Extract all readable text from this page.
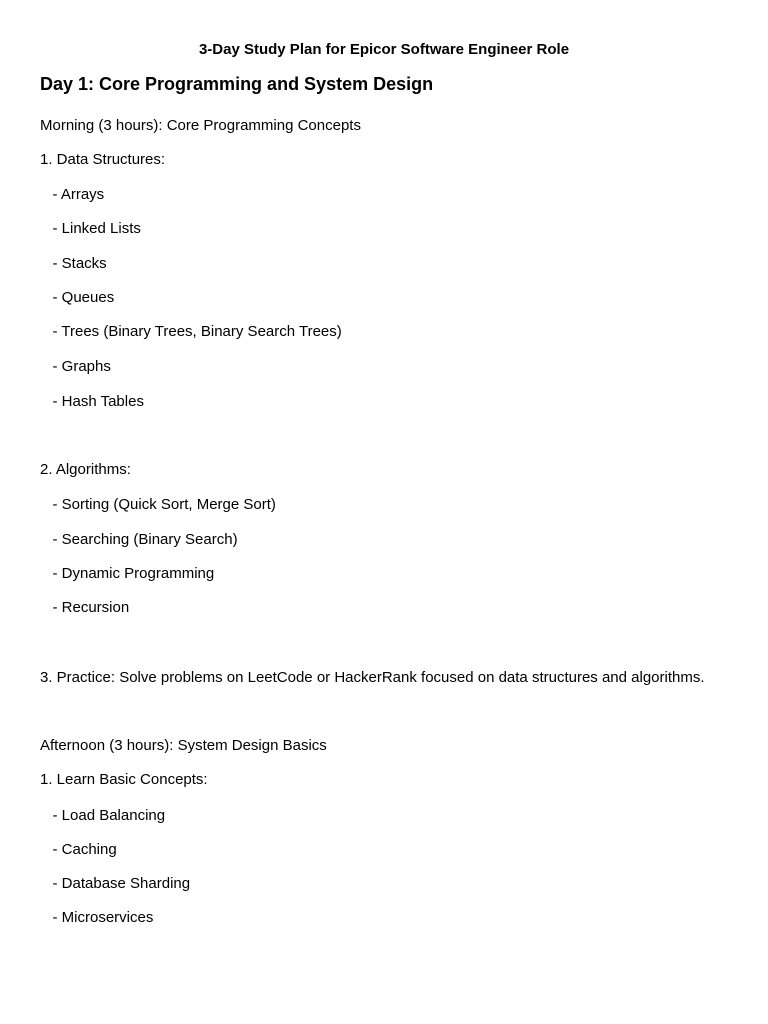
3-Day Study Plan for Epicor Software Engineer Role
Day 1: Core Programming and System Design
Morning (3 hours): Core Programming Concepts
1. Data Structures:
- Arrays
- Linked Lists
- Stacks
- Queues
- Trees (Binary Trees, Binary Search Trees)
- Graphs
- Hash Tables
2. Algorithms:
- Sorting (Quick Sort, Merge Sort)
- Searching (Binary Search)
- Dynamic Programming
- Recursion
3. Practice: Solve problems on LeetCode or HackerRank focused on data structures and algorithms.
Afternoon (3 hours): System Design Basics
1. Learn Basic Concepts:
- Load Balancing
- Caching
- Database Sharding
- Microservices
